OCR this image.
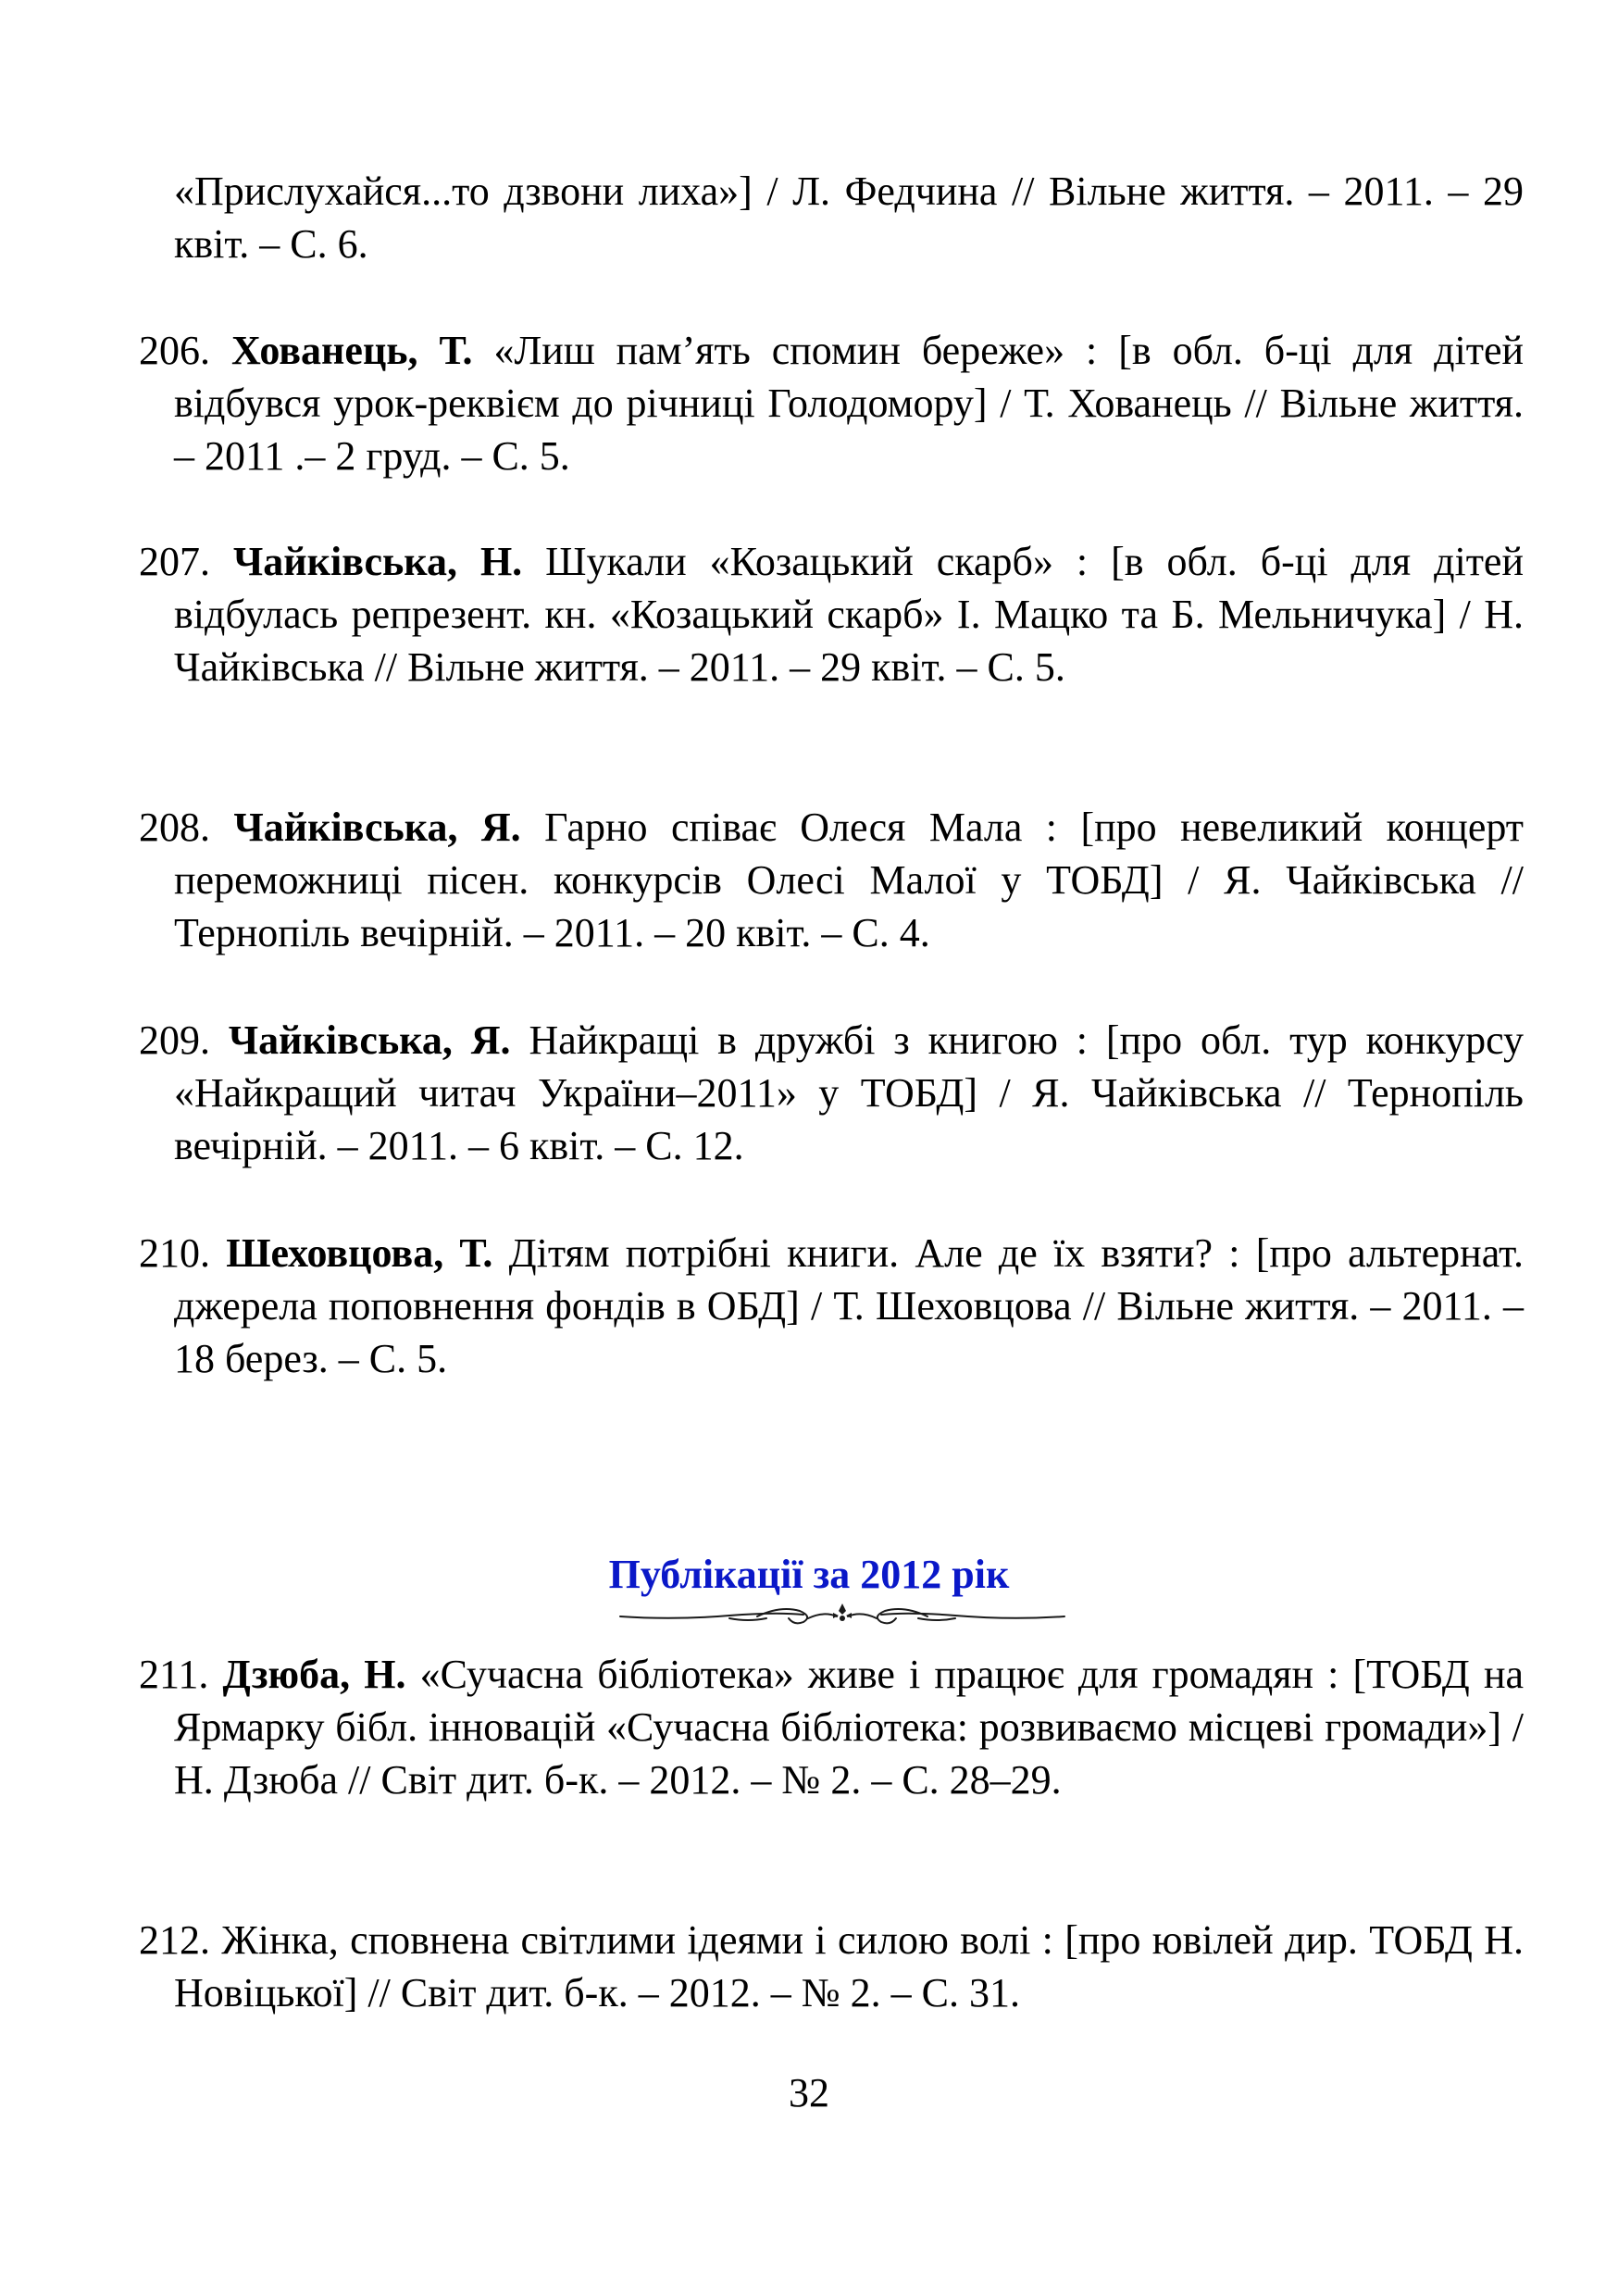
«Прислухайся...то дзвони лиха»] / Л. Федчина // Вільне життя. – 2011. – 29 квіт. – С. 6.
206. Хованець, Т. «Лиш пам’ять спомин береже» : [в обл. б-ці для дітей відбувся урок-реквієм до річниці Голодомору] / Т. Хованець // Вільне життя. – 2011 .– 2 груд. – С. 5.
207. Чайківська, Н. Шукали «Козацький скарб» : [в обл. б-ці для дітей відбулась репрезент. кн. «Козацький скарб» І. Мацко та Б. Мельничука] / Н. Чайківська // Вільне життя. – 2011. – 29 квіт. – С. 5.
208. Чайківська, Я. Гарно співає Олеся Мала : [про невеликий концерт переможниці пісен. конкурсів Олесі Малої у ТОБД] / Я. Чайківська // Тернопіль вечірній. – 2011. – 20 квіт. – С. 4.
209. Чайківська, Я. Найкращі в дружбі з книгою : [про обл. тур конкурсу «Найкращий читач України–2011» у ТОБД] / Я. Чайківська // Тернопіль вечірній. – 2011. – 6 квіт. – С. 12.
210. Шеховцова, Т. Дітям потрібні книги. Але де їх взяти? : [про альтернат. джерела поповнення фондів в ОБД] / Т. Шеховцова // Вільне життя. – 2011. – 18 берез. – С. 5.
Публікації за 2012 рік
211. Дзюба, Н. «Сучасна бібліотека» живе і працює для громадян : [ТОБД на Ярмарку бібл. інновацій «Сучасна бібліотека: розвиваємо місцеві громади»] / Н. Дзюба // Світ дит. б-к. – 2012. – № 2. – С. 28–29.
212. Жінка, сповнена світлими ідеями і силою волі : [про ювілей дир. ТОБД Н. Новіцької] // Світ дит. б-к. – 2012. – № 2. – С. 31.
32
